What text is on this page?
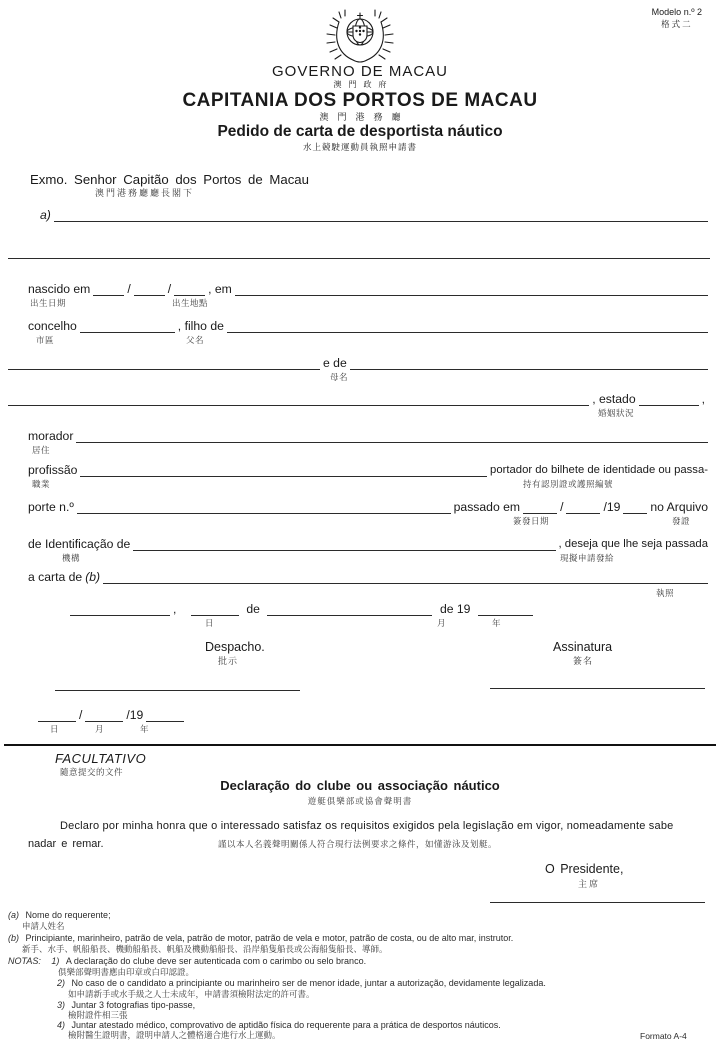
Modelo n.º 2
格式二
GOVERNO DE MACAU
澳門政府
CAPITANIA DOS PORTOS DE MACAU
澳門港務廳
Pedido de carta de desportista náutico
水上競駛運動員執照申請書
Exmo. Senhor Capitão dos Portos de Macau
澳門港務廳廳長閣下
a)
nascido em	/	/	, em
出生日期	出生地點
concelho	, filho de
市區	父名
e de
母名
, estado	,
婚姻狀況
morador
居住
profissão	portador do bilhete de identidade ou passa-
職業	持有認別證或護照編號
porte n.º	passado em	/	/19 no Arquivo
簽發日期	發證
de Identificação de	, deseja que lhe seja passada
機構	現擬申請發給
a carta de (b)
執照
,	de	de 19
日	月	年
Despacho.
批示
Assinatura
簽名
/	/19
日	月	年
FACULTATIVO
隨意提交的文件
Declaração do clube ou associação náutico
遊艇俱樂部或協會聲明書
Declaro por minha honra que o interessado satisfaz os requisitos exigidos pela legislação em vigor, nomeadamente sabe
nadar e remar.	謹以本人名義聲明關係人符合現行法例要求之條件，如懂游泳及划艇。
O Presidente,
主席
(a) Nome do requerente;
申請人姓名
(b) Principiante, marinheiro, patrão de vela, patrão de motor, patrão de vela e motor, patrão de costa, ou de alto mar, instrutor.
新手、水手、帆船船長、機動船船長、帆船及機動船船長、沿岸船隻船長或公海船隻船長、導師。
NOTAS: 1) A declaração do clube deve ser autenticada com o carimbo ou selo branco.
俱樂部聲明書應由印章或白印認證。
2) No caso de o candidato a principiante ou marinheiro ser de menor idade, juntar a autorização, devidamente legalizada.
如申請新手或水手級之人士未成年，申請書須檢附法定的許可書。
3) Juntar 3 fotografias tipo-passe,
檢附證件相三張
4) Juntar atestado médico, comprovativo de aptidão física do requerente para a prática de desportos náuticos.
檢附醫生證明書，證明申請人之體格適合進行水上運動。	Formato A-4
